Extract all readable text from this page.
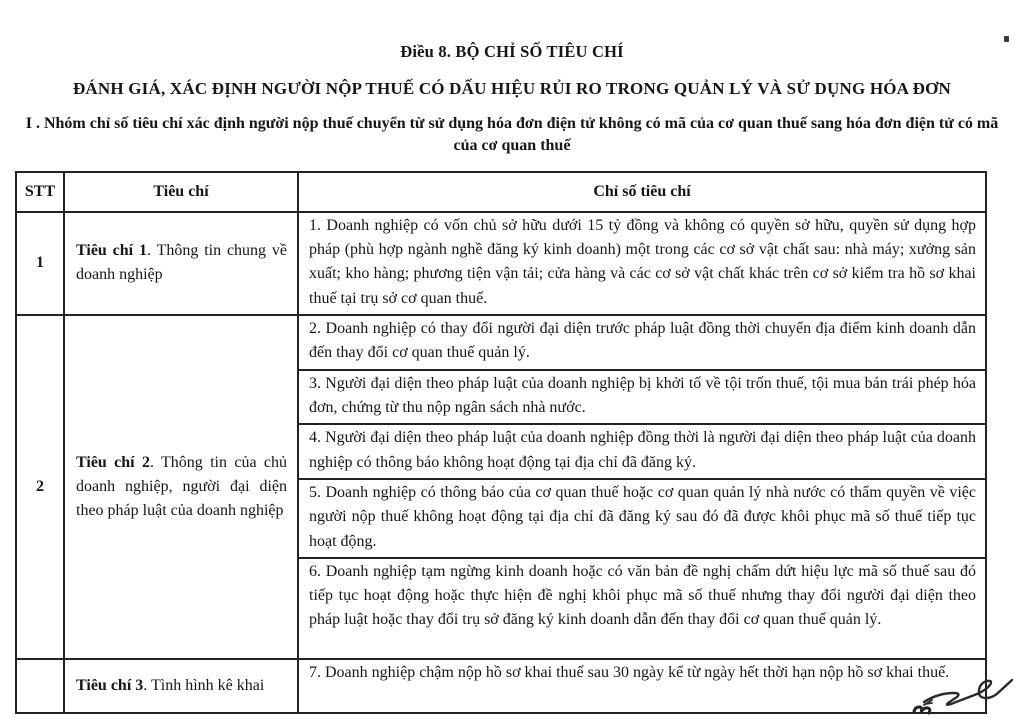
Điều 8. BỘ CHỈ SỐ TIÊU CHÍ
ĐÁNH GIÁ, XÁC ĐỊNH NGƯỜI NỘP THUẾ CÓ DẤU HIỆU RỦI RO TRONG QUẢN LÝ VÀ SỬ DỤNG HÓA ĐƠN
I . Nhóm chỉ số tiêu chí xác định người nộp thuế chuyển từ sử dụng hóa đơn điện tử không có mã của cơ quan thuế sang hóa đơn điện tử có mã của cơ quan thuế
STT	Tiêu chí	Chỉ số tiêu chí
1	Tiêu chí 1. Thông tin chung về doanh nghiệp	1. Doanh nghiệp có vốn chủ sở hữu dưới 15 tỷ đồng và không có quyền sở hữu, quyền sử dụng hợp pháp (phù hợp ngành nghề đăng ký kinh doanh) một trong các cơ sở vật chất sau: nhà máy; xưởng sản xuất; kho hàng; phương tiện vận tải; cửa hàng và các cơ sở vật chất khác trên cơ sở kiểm tra hồ sơ khai thuế tại trụ sở cơ quan thuế.
2	Tiêu chí 2. Thông tin của chủ doanh nghiệp, người đại diện theo pháp luật của doanh nghiệp	2. Doanh nghiệp có thay đổi người đại diện trước pháp luật đồng thời chuyển địa điểm kinh doanh dẫn đến thay đổi cơ quan thuế quản lý.
		3. Người đại diện theo pháp luật của doanh nghiệp bị khởi tố về tội trốn thuế, tội mua bán trái phép hóa đơn, chứng từ thu nộp ngân sách nhà nước.
		4. Người đại diện theo pháp luật của doanh nghiệp đồng thời là người đại diện theo pháp luật của doanh nghiệp có thông báo không hoạt động tại địa chỉ đã đăng ký.
		5. Doanh nghiệp có thông báo của cơ quan thuế hoặc cơ quan quản lý nhà nước có thẩm quyền về việc người nộp thuế không hoạt động tại địa chỉ đã đăng ký sau đó đã được khôi phục mã số thuế tiếp tục hoạt động.
		6. Doanh nghiệp tạm ngừng kinh doanh hoặc có văn bản đề nghị chấm dứt hiệu lực mã số thuế sau đó tiếp tục hoạt động hoặc thực hiện đề nghị khôi phục mã số thuế nhưng thay đổi người đại diện theo pháp luật hoặc thay đổi trụ sở đăng ký kinh doanh dẫn đến thay đổi cơ quan thuế quản lý.
	Tiêu chí 3. Tình hình kê khai	7. Doanh nghiệp chậm nộp hồ sơ khai thuế sau 30 ngày kể từ ngày hết thời hạn nộp hồ sơ khai thuế.
